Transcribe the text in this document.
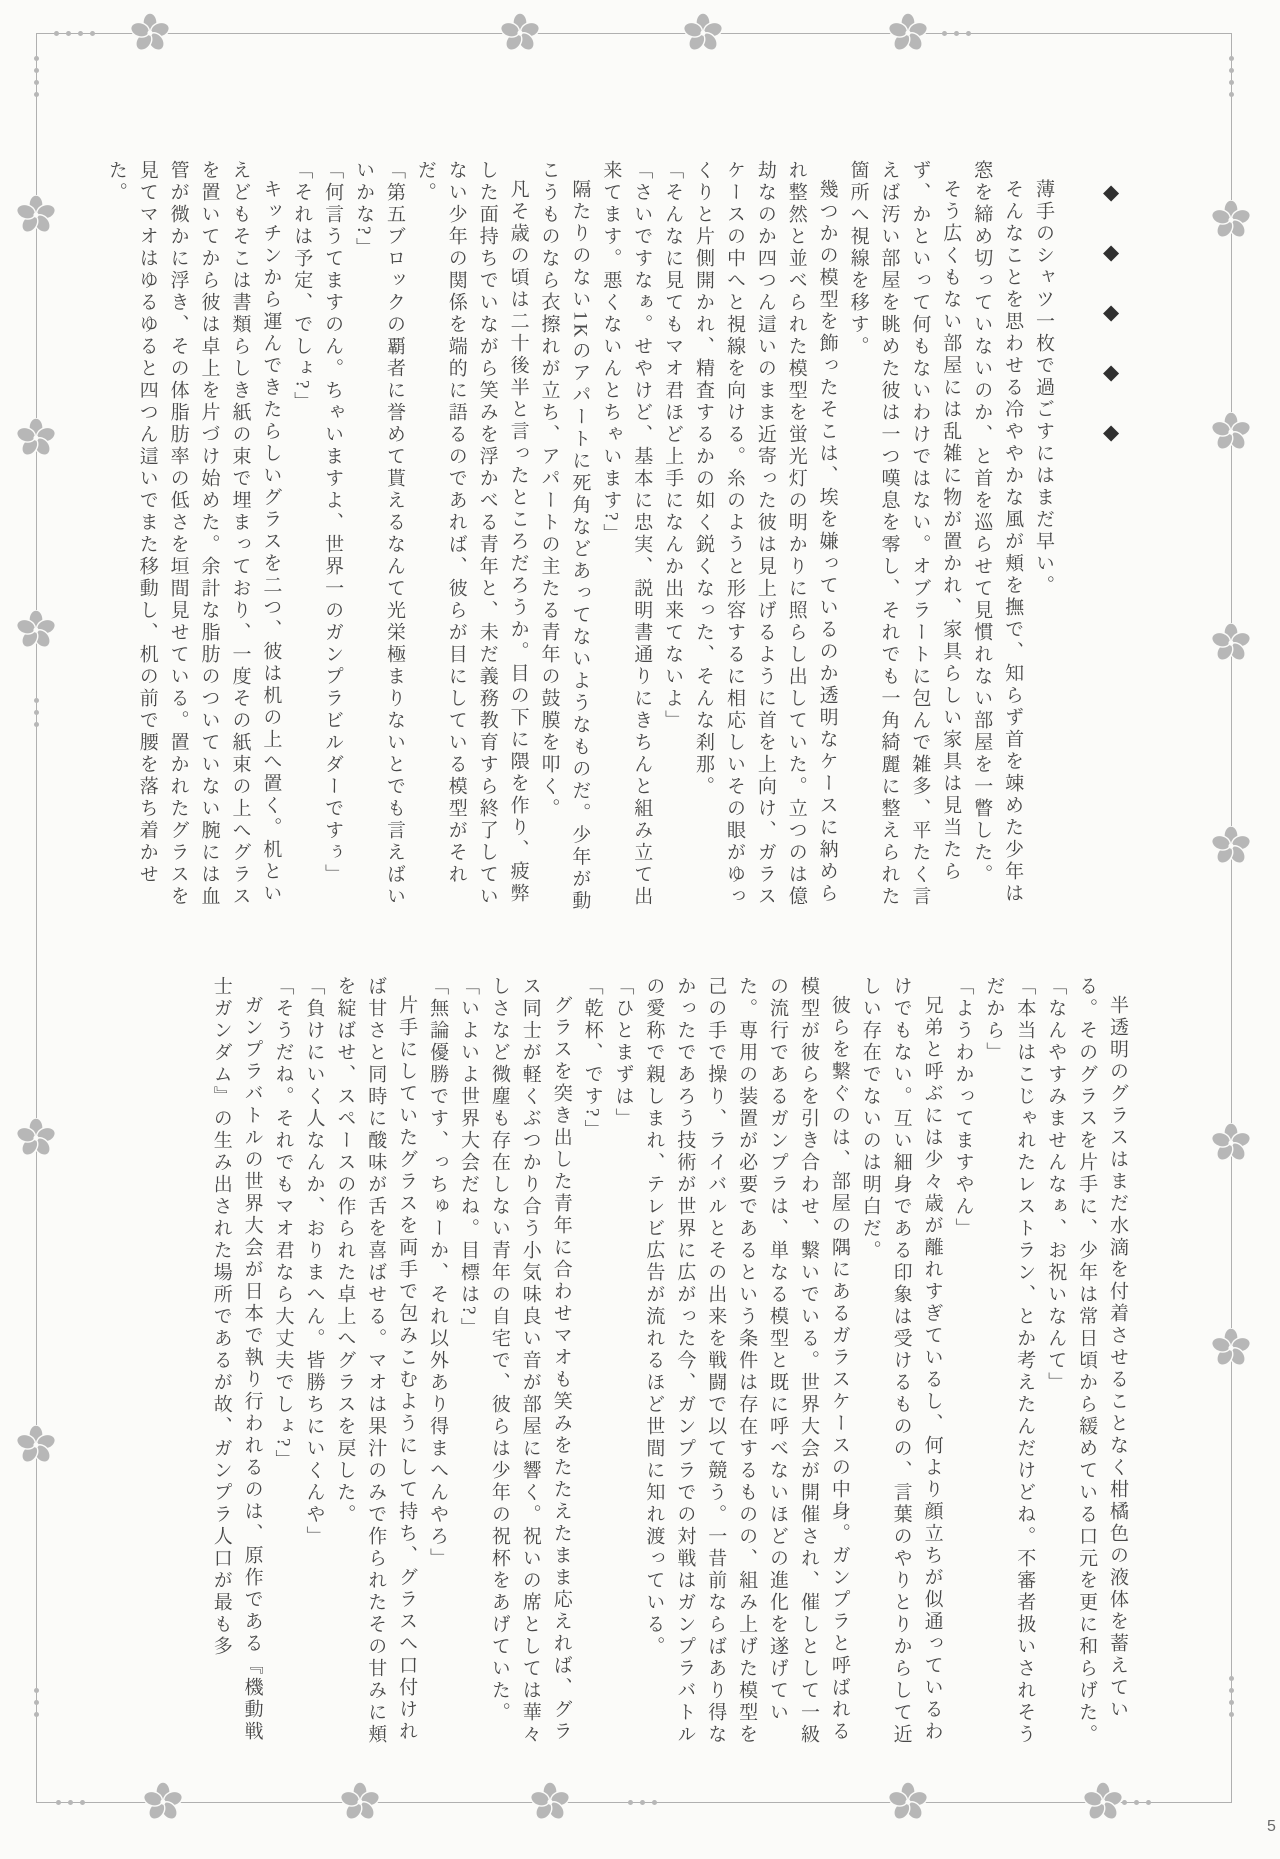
◆
◆
◆
◆
◆

薄手のシャツ一枚で過ごすにはまだ早い。

そんなことを思わせる冷ややかな風が頬を撫で、知らず首を竦めた少年は窓を締め切っていないのか、と首を巡らせて見慣れない部屋を一瞥した。

そう広くもない部屋には乱雑に物が置かれ、家具らしい家具は見当たらず、かといって何もないわけではない。オブラートに包んで雑多、平たく言えば汚い部屋を眺めた彼は一つ嘆息を零し、それでも一角綺麗に整えられた箇所へ視線を移す。

幾つかの模型を飾ったそこは、埃を嫌っているのか透明なケースに納められ整然と並べられた模型を蛍光灯の明かりに照らし出していた。立つのは億劫なのか四つん這いのまま近寄った彼は見上げるように首を上向け、ガラスケースの中へと視線を向ける。糸のようと形容するに相応しいその眼がゆっくりと片側開かれ、精査するかの如く鋭くなった、そんな刹那。

「そんなに見てもマオ君ほど上手になんか出来てないよ」

「さいですなぁ。せやけど、基本に忠実、説明書通りにきちんと組み立て出来てます。悪くないんとちゃいます?」

隔たりのない1Kのアパートに死角などあってないようなものだ。少年が動こうものなら衣擦れが立ち、アパートの主たる青年の鼓膜を叩く。

凡そ歳の頃は二十後半と言ったところだろうか。目の下に隈を作り、疲弊した面持ちでいながら笑みを浮かべる青年と、未だ義務教育すら終了していない少年の関係を端的に語るのであれば、彼らが目にしている模型がそれだ。

「第五ブロックの覇者に誉めて貰えるなんて光栄極まりないとでも言えばいいかな?」

「何言うてますのん。ちゃいますよ、世界一のガンプラビルダーですぅ」

「それは予定、でしょ?」

キッチンから運んできたらしいグラスを二つ、彼は机の上へ置く。机といえどもそこは書類らしき紙の束で埋まっており、一度その紙束の上へグラスを置いてから彼は卓上を片づけ始めた。余計な脂肪のついていない腕には血管が微かに浮き、その体脂肪率の低さを垣間見せている。置かれたグラスを見てマオはゆるゆると四つん這いでまた移動し、机の前で腰を落ち着かせた。

半透明のグラスはまだ水滴を付着させることなく柑橘色の液体を蓄えている。そのグラスを片手に、少年は常日頃から緩めている口元を更に和らげた。

「なんやすみませんなぁ、お祝いなんて」

「本当はこじゃれたレストラン、とか考えたんだけどね。不審者扱いされそうだから」

「ようわかってますやん」

兄弟と呼ぶには少々歳が離れすぎているし、何より顔立ちが似通っているわけでもない。互い細身である印象は受けるものの、言葉のやりとりからして近しい存在でないのは明白だ。

彼らを繋ぐのは、部屋の隅にあるガラスケースの中身。ガンプラと呼ばれる模型が彼らを引き合わせ、繋いでいる。世界大会が開催され、催しとして一級の流行であるガンプラは、単なる模型と既に呼べないほどの進化を遂げていた。専用の装置が必要であるという条件は存在するものの、組み上げた模型を己の手で操り、ライバルとその出来を戦闘で以て競う。一昔前ならばあり得なかったであろう技術が世界に広がった今、ガンプラでの対戦はガンプラバトルの愛称で親しまれ、テレビ広告が流れるほど世間に知れ渡っている。

「ひとまずは」

「乾杯、です?」

グラスを突き出した青年に合わせマオも笑みをたたえたまま応えれば、グラス同士が軽くぶつかり合う小気味良い音が部屋に響く。祝いの席としては華々しさなど微塵も存在しない青年の自宅で、彼らは少年の祝杯をあげていた。

「いよいよ世界大会だね。目標は?」

「無論優勝です、っちゅーか、それ以外あり得まへんやろ」

片手にしていたグラスを両手で包みこむようにして持ち、グラスへ口付ければ甘さと同時に酸味が舌を喜ばせる。マオは果汁のみで作られたその甘みに頬を綻ばせ、スペースの作られた卓上へグラスを戻した。

「負けにいく人なんか、おりまへん。皆勝ちにいくんや」

「そうだね。それでもマオ君なら大丈夫でしょ?」

ガンプラバトルの世界大会が日本で執り行われるのは、原作である『機動戦士ガンダム』の生み出された場所であるが故、ガンプラ人口が最も多

5
